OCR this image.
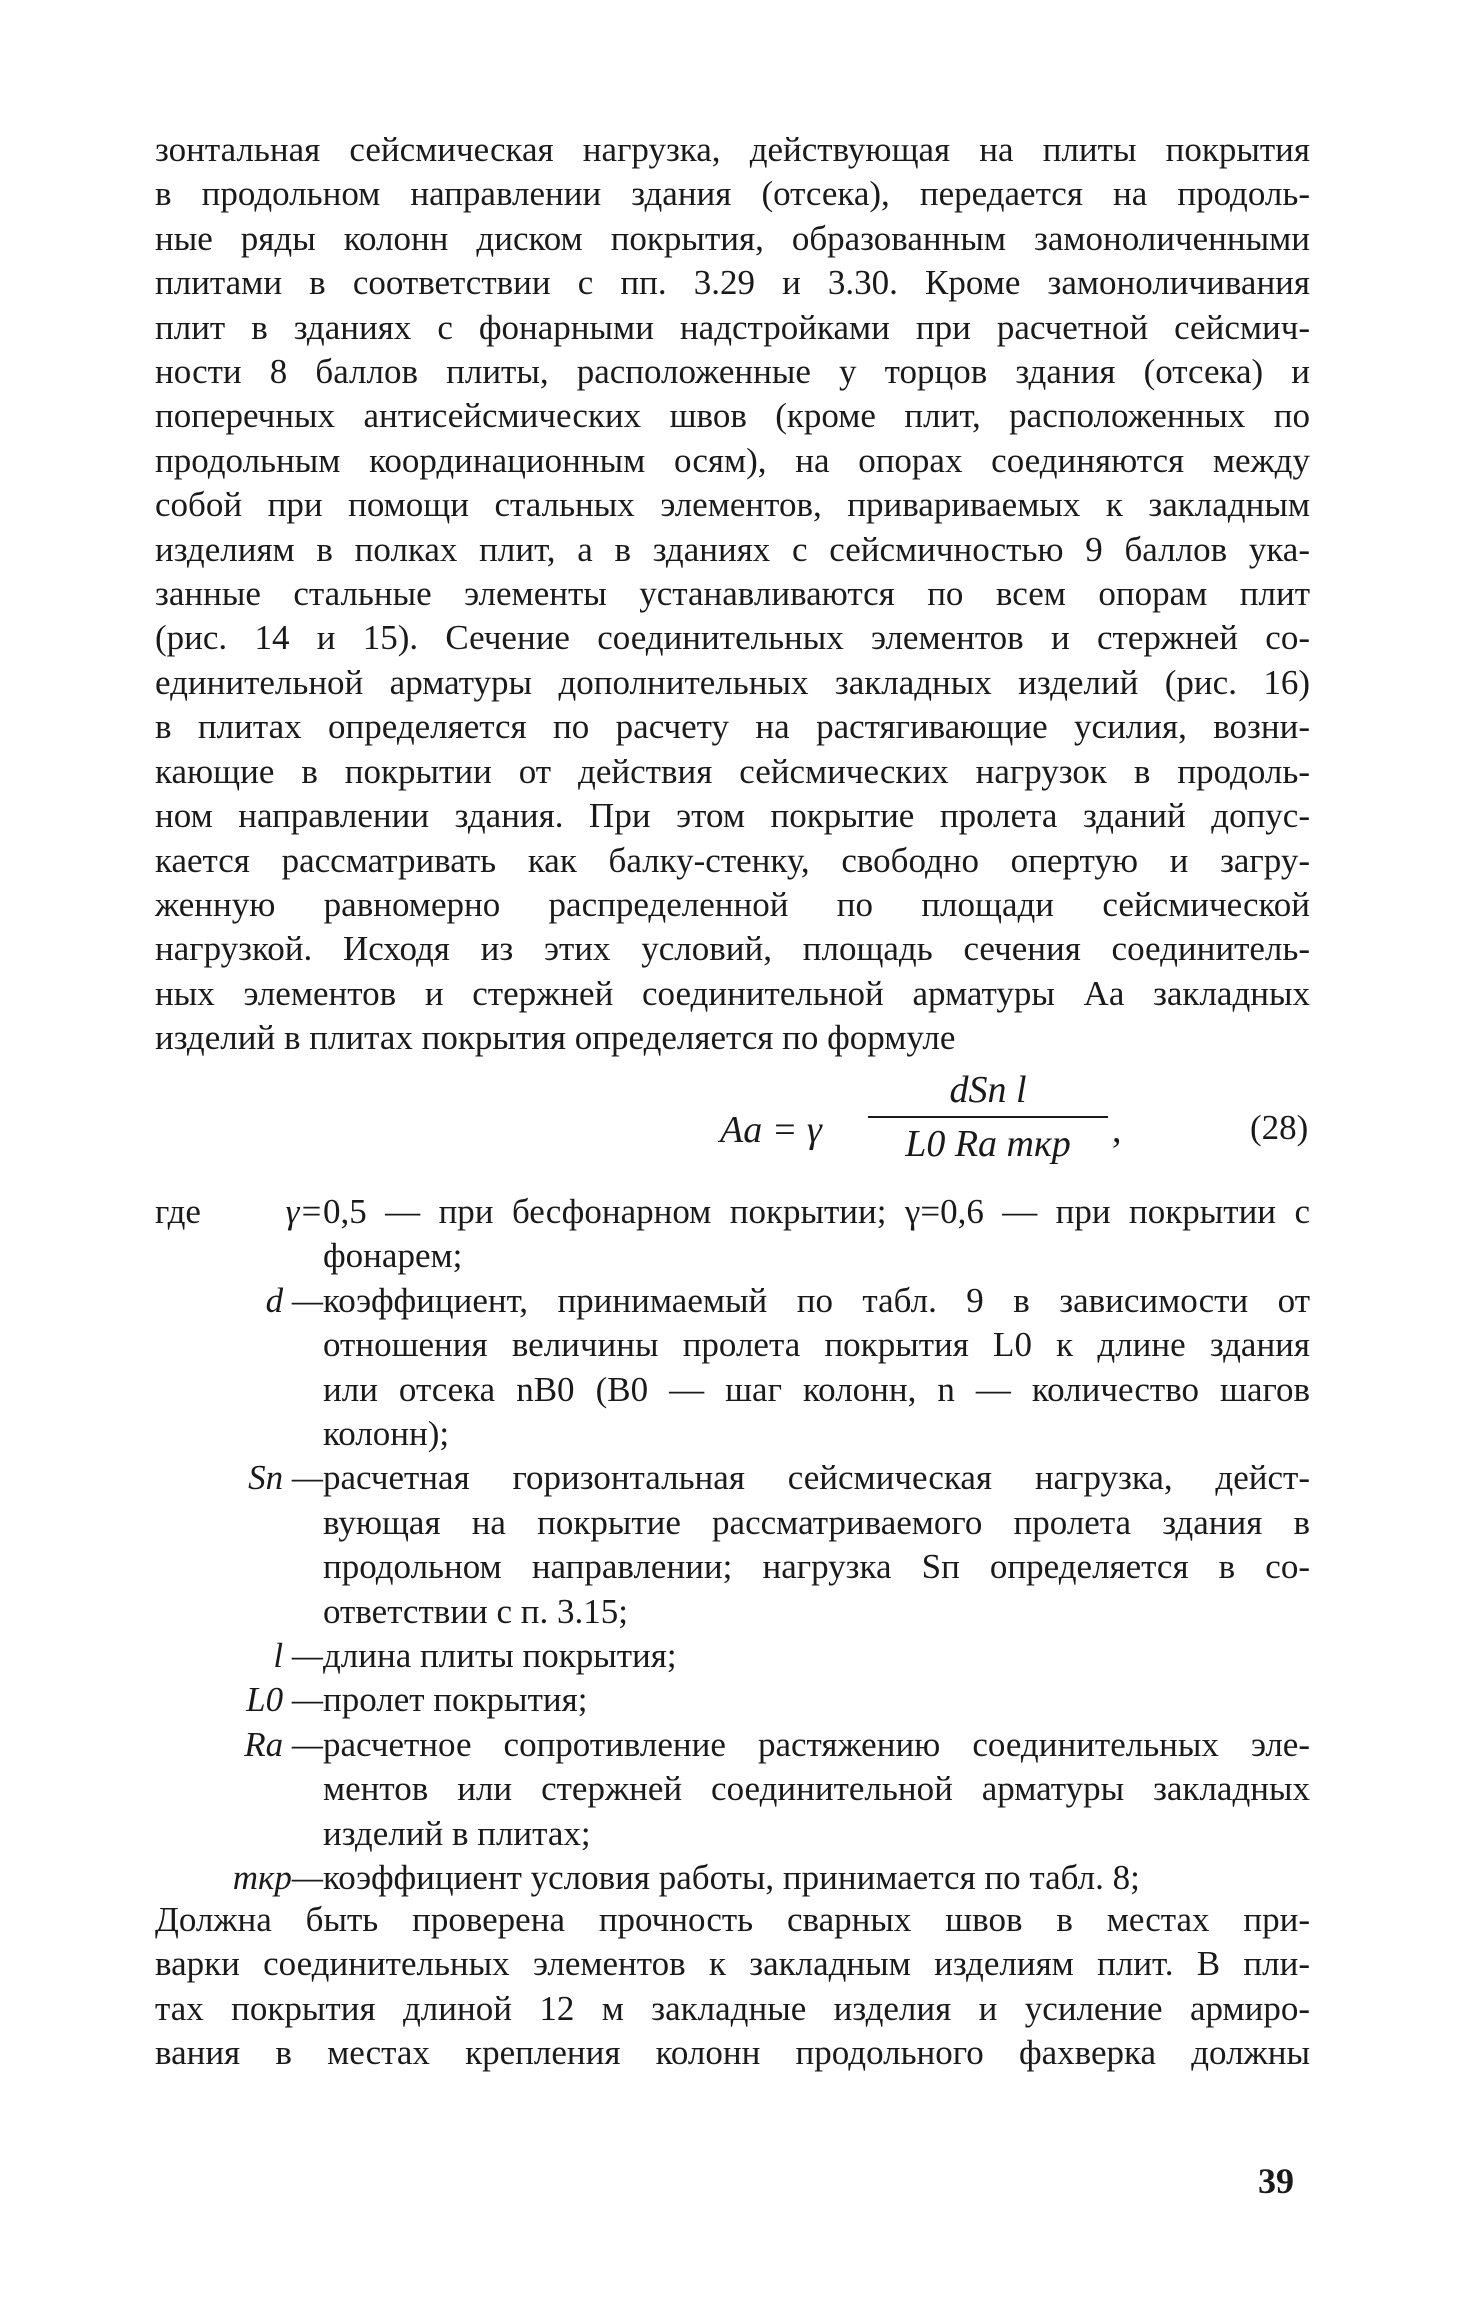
зонтальная сейсмическая нагрузка, действующая на плиты покрытия
в продольном направлении здания (отсека), передается на продоль-
ные ряды колонн диском покрытия, образованным замоноличенными
плитами в соответствии с пп. 3.29 и 3.30. Кроме замоноличивания
плит в зданиях с фонарными надстройками при расчетной сейсмич-
ности 8 баллов плиты, расположенные у торцов здания (отсека) и
поперечных антисейсмических швов (кроме плит, расположенных по
продольным координационным осям), на опорах соединяются между
собой при помощи стальных элементов, привариваемых к закладным
изделиям в полках плит, а в зданиях с сейсмичностью 9 баллов ука-
занные стальные элементы устанавливаются по всем опорам плит
(рис. 14 и 15). Сечение соединительных элементов и стержней со-
единительной арматуры дополнительных закладных изделий (рис. 16)
в плитах определяется по расчету на растягивающие усилия, возни-
кающие в покрытии от действия сейсмических нагрузок в продоль-
ном направлении здания. При этом покрытие пролета зданий допус-
кается рассматривать как балку-стенку, свободно опертую и загру-
женную равномерно распределенной по площади сейсмической
нагрузкой. Исходя из этих условий, площадь сечения соединитель-
ных элементов и стержней соединительной арматуры Aa закладных
изделий в плитах покрытия определяется по формуле
Aa = γ
dSп l
L0 Ra mкр	,	(28)
где γ= 0,5 — при бесфонарном покрытии; γ=0,6 — при покрытии с
фонарем;
d — коэффициент, принимаемый по табл. 9 в зависимости от
отношения величины пролета покрытия L0 к длине здания
или отсека nB0 (B0 — шаг колонн, n — количество шагов
колонн);
Sп — расчетная горизонтальная сейсмическая нагрузка, дейст-
вующая на покрытие рассматриваемого пролета здания в
продольном направлении; нагрузка Sп определяется в со-
ответствии с п. 3.15;
l — длина плиты покрытия;
L0 — пролет покрытия;
Ra — расчетное сопротивление растяжению соединительных эле-
ментов или стержней соединительной арматуры закладных
изделий в плитах;
mкр— коэффициент условия работы, принимается по табл. 8;
Должна быть проверена прочность сварных швов в местах при-
варки соединительных элементов к закладным изделиям плит. В пли-
тах покрытия длиной 12 м закладные изделия и усиление армиро-
вания в местах крепления колонн продольного фахверка должны
39
